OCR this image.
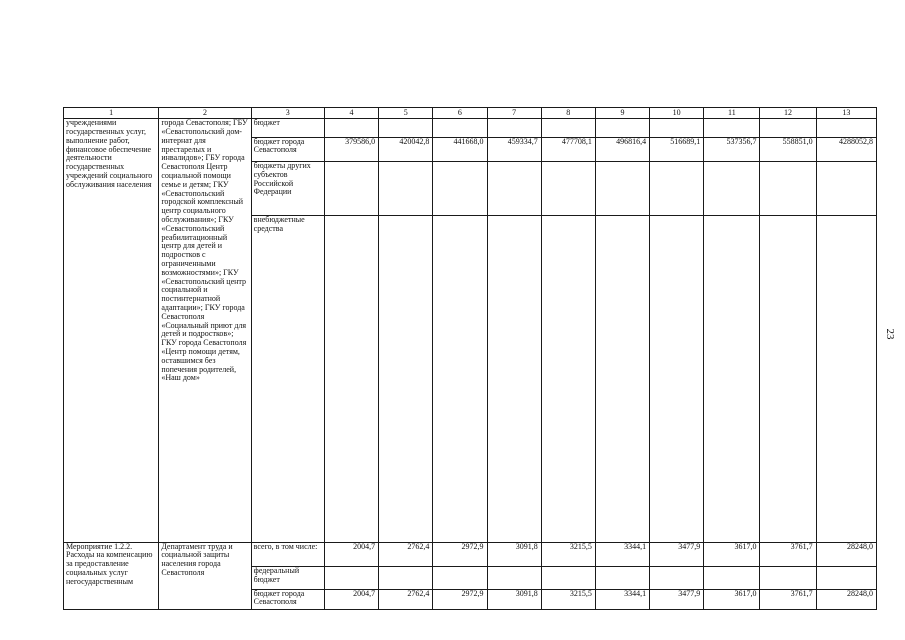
1	2	3	4	5	6	7	8	9	10	11	12	13
учреждениями государственных услуг, выполнение работ, финансовое обеспечение деятельности государственных учреждений социального обслуживания населения	города Севастополя; ГБУ «Севастопольский дом-интернат для престарелых и инвалидов»; ГБУ города Севастополя Центр социальной помощи семье и детям; ГКУ «Севастопольский городской комплексный центр социального обслуживания»; ГКУ «Севастопольский реабилитационный центр для детей и подростков с ограниченными возможностями»; ГКУ «Севастопольский центр социальной и постинтернатной адаптации»; ГКУ города Севастополя «Социальный приют для детей и подростков»; ГКУ города Севастополя «Центр помощи детям, оставшимся без попечения родителей, «Наш дом»	бюджет										
		бюджет города Севастополя	379586,0	420042,8	441668,0	459334,7	477708,1	496816,4	516689,1	537356,7	558851,0	4288052,8
		бюджеты других субъектов Российской Федерации										
		внебюджетные средства										
Мероприятие 1.2.2. Расходы на компенсацию за предоставление социальных услуг негосударственным	Департамент труда и социальной защиты населения города Севастополя	всего, в том числе:	2004,7	2762,4	2972,9	3091,8	3215,5	3344,1	3477,9	3617,0	3761,7	28248,0
		федеральный бюджет										
		бюджет города Севастополя	2004,7	2762,4	2972,9	3091,8	3215,5	3344,1	3477,9	3617,0	3761,7	28248,0
23
